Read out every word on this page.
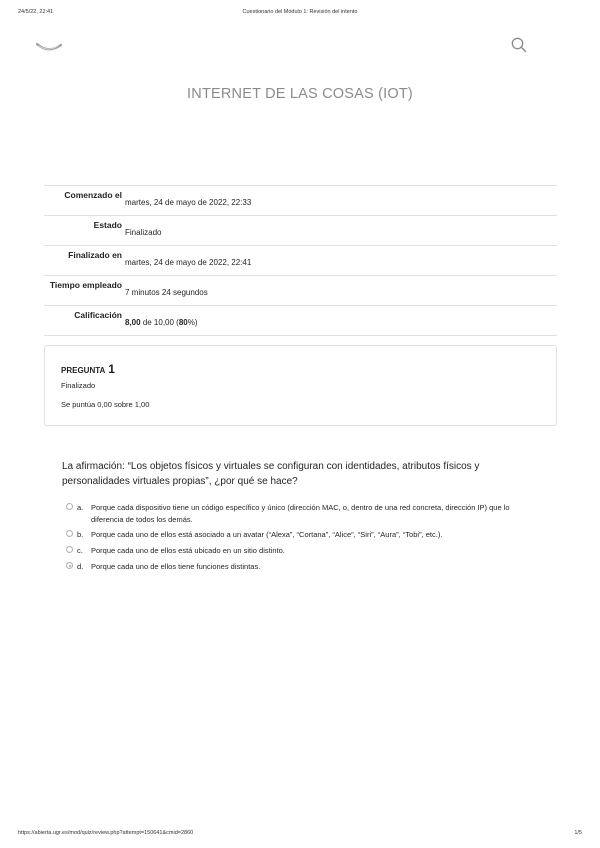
24/5/22, 22:41	Cuestionario del Módulo 1: Revisión del intento
INTERNET DE LAS COSAS (IOT)
Comenzado el
martes, 24 de mayo de 2022, 22:33
Estado
Finalizado
Finalizado en
martes, 24 de mayo de 2022, 22:41
Tiempo empleado
7 minutos 24 segundos
Calificación
8,00 de 10,00 (80%)
PREGUNTA 1
Finalizado
Se puntúa 0,00 sobre 1,00
La afirmación: “Los objetos físicos y virtuales se configuran con identidades, atributos físicos y personalidades virtuales propias”, ¿por qué se hace?
a. Porque cada dispositivo tiene un código específico y único (dirección MAC, o, dentro de una red concreta, dirección IP) que lo diferencia de todos los demás.
b. Porque cada uno de ellos está asociado a un avatar (“Alexa”, “Cortana”, “Alice”, “Siri”, “Aura”, “Tobi”, etc.).
c. Porque cada uno de ellos está ubicado en un sitio distinto.
d. Porque cada uno de ellos tiene funciones distintas.
https://abierta.ugr.es/mod/quiz/review.php?attempt=150641&cmid=2860	1/5
